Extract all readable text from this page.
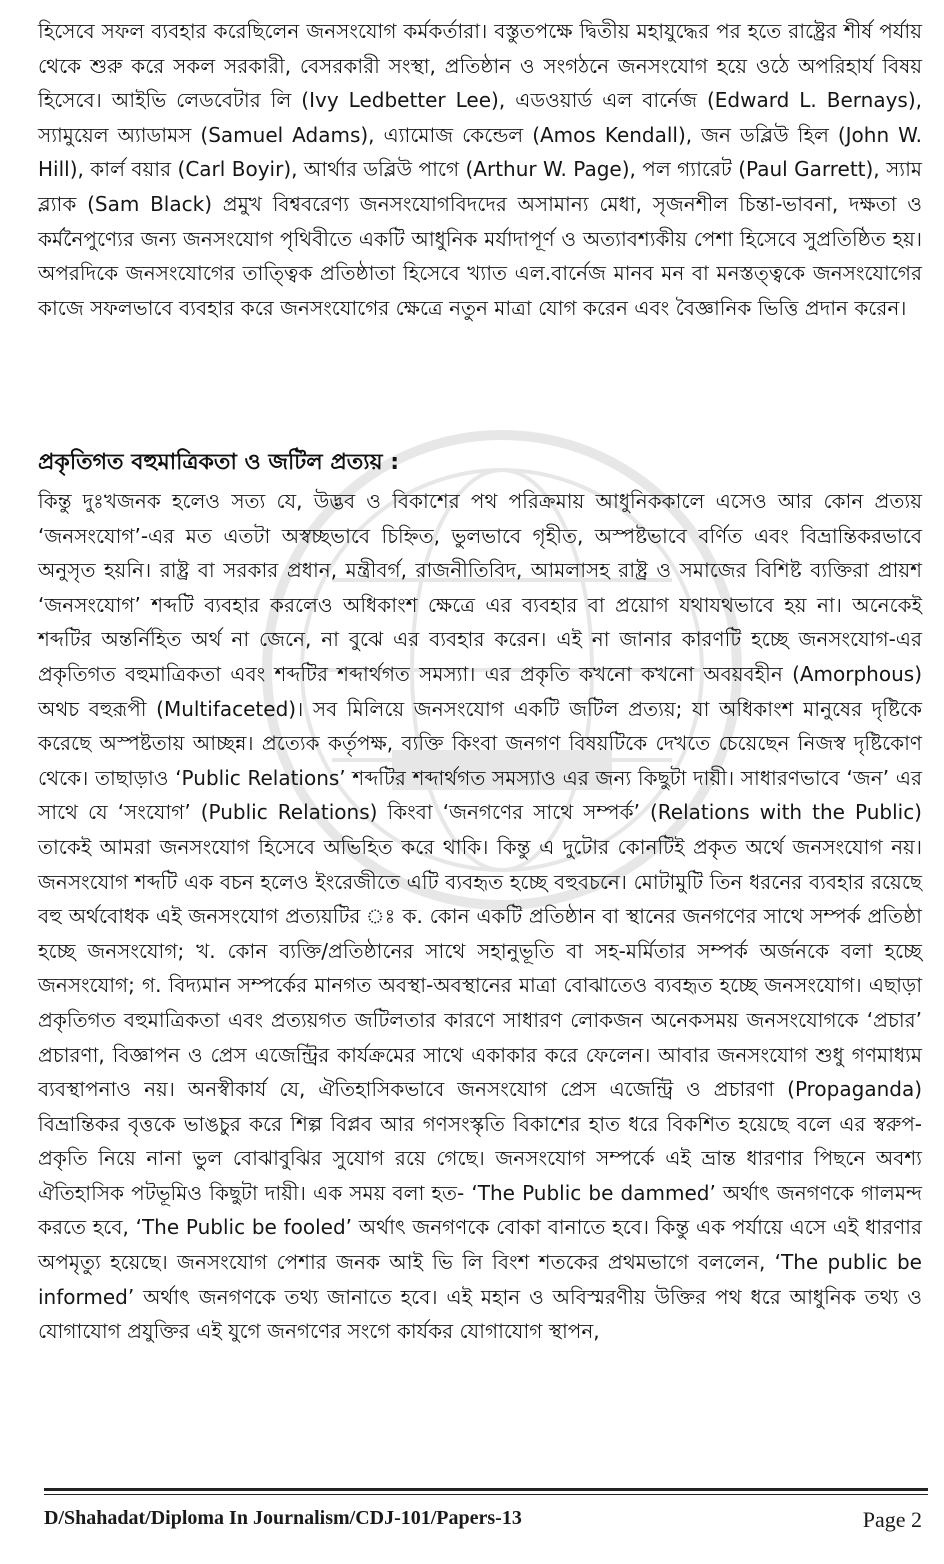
হিসেবে সফল ব্যবহার করেছিলেন জনসংযোগ কর্মকর্তারা। বস্তুতপক্ষে দ্বিতীয় মহাযুদ্ধের পর হতে রাষ্ট্রের শীর্ষ পর্যায় থেকে শুরু করে সকল সরকারী, বেসরকারী সংস্থা, প্রতিষ্ঠান ও সংগঠনে জনসংযোগ হয়ে ওঠে অপরিহার্য বিষয় হিসেবে। আইভি লেডবেটার লি (Ivy Ledbetter Lee), এডওয়ার্ড এল বার্নেজ (Edward L. Bernays), স্যামুয়েল অ্যাডামস (Samuel Adams), এ্যামোজ কেন্ডেল (Amos Kendall), জন ডব্লিউ হিল (John W. Hill), কার্ল বয়ার (Carl Boyir), আর্থার ডব্লিউ পাগে (Arthur W. Page), পল গ্যারেট (Paul Garrett), স্যাম ব্ল্যাক (Sam Black) প্রমুখ বিশ্ববরেণ্য জনসংযোগবিদদের অসামান্য মেধা, সৃজনশীল চিন্তা-ভাবনা, দক্ষতা ও কর্মনৈপুণ্যের জন্য জনসংযোগ পৃথিবীতে একটি আধুনিক মর্যাদাপূর্ণ ও অত্যাবশ্যকীয় পেশা হিসেবে সুপ্রতিষ্ঠিত হয়। অপরদিকে জনসংযোগের তাত্ত্বিক প্রতিষ্ঠাতা হিসেবে খ্যাত এল.বার্নেজ মানব মন বা মনস্তত্ত্বকে জনসংযোগের কাজে সফলভাবে ব্যবহার করে জনসংযোগের ক্ষেত্রে নতুন মাত্রা যোগ করেন এবং বৈজ্ঞানিক ভিত্তি প্রদান করেন।

প্রকৃতিগত বহুমাত্রিকতা ও জটিল প্রত্যয় :

কিন্তু দুঃখজনক হলেও সত্য যে, উদ্ভব ও বিকাশের পথ পরিক্রমায় আধুনিককালে এসেও আর কোন প্রত্যয় ‘জনসংযোগ’-এর মত এতটা অস্বচ্ছভাবে চিহ্নিত, ভুলভাবে গৃহীত, অস্পষ্টভাবে বর্ণিত এবং বিভ্রান্তিকরভাবে অনুসৃত হয়নি। রাষ্ট্র বা সরকার প্রধান, মন্ত্রীবর্গ, রাজনীতিবিদ, আমলাসহ রাষ্ট্র ও সমাজের বিশিষ্ট ব্যক্তিরা প্রায়শ ‘জনসংযোগ’ শব্দটি ব্যবহার করলেও অধিকাংশ ক্ষেত্রে এর ব্যবহার বা প্রয়োগ যথাযথভাবে হয় না। অনেকেই শব্দটির অন্তর্নিহিত অর্থ না জেনে, না বুঝে এর ব্যবহার করেন। এই না জানার কারণটি হচ্ছে জনসংযোগ-এর প্রকৃতিগত বহুমাত্রিকতা এবং শব্দটির শব্দার্থগত সমস্যা। এর প্রকৃতি কখনো কখনো অবয়বহীন (Amorphous) অথচ বহুরূপী (Multifaceted)। সব মিলিয়ে জনসংযোগ একটি জটিল প্রত্যয়; যা অধিকাংশ মানুষের দৃষ্টিকে করেছে অস্পষ্টতায় আচ্ছন্ন। প্রত্যেক কর্তৃপক্ষ, ব্যক্তি কিংবা জনগণ বিষয়টিকে দেখতে চেয়েছেন নিজস্ব দৃষ্টিকোণ থেকে। তাছাড়াও ‘Public Relations’ শব্দটির শব্দার্থগত সমস্যাও এর জন্য কিছুটা দায়ী। সাধারণভাবে ‘জন’ এর সাথে যে ‘সংযোগ’ (Public Relations) কিংবা ‘জনগণের সাথে সম্পর্ক’ (Relations with the Public) তাকেই আমরা জনসংযোগ হিসেবে অভিহিত করে থাকি। কিন্তু এ দুটোর কোনটিই প্রকৃত অর্থে জনসংযোগ নয়। জনসংযোগ শব্দটি এক বচন হলেও ইংরেজীতে এটি ব্যবহৃত হচ্ছে বহুবচনে। মোটামুটি তিন ধরনের ব্যবহার রয়েছে বহু অর্থবোধক এই জনসংযোগ প্রত্যয়টির ঃ ক. কোন একটি প্রতিষ্ঠান বা স্থানের জনগণের সাথে সম্পর্ক প্রতিষ্ঠা হচ্ছে জনসংযোগ; খ. কোন ব্যক্তি/প্রতিষ্ঠানের সাথে সহানুভূতি বা সহ-মর্মিতার সম্পর্ক অর্জনকে বলা হচ্ছে জনসংযোগ; গ. বিদ্যমান সম্পর্কের মানগত অবস্থা-অবস্থানের মাত্রা বোঝাতেও ব্যবহৃত হচ্ছে জনসংযোগ। এছাড়া প্রকৃতিগত বহুমাত্রিকতা এবং প্রত্যয়গত জটিলতার কারণে সাধারণ লোকজন অনেকসময় জনসংযোগকে ‘প্রচার’ প্রচারণা, বিজ্ঞাপন ও প্রেস এজেন্ট্রির কার্যক্রমের সাথে একাকার করে ফেলেন। আবার জনসংযোগ শুধু গণমাধ্যম ব্যবস্থাপনাও নয়। অনস্বীকার্য যে, ঐতিহাসিকভাবে জনসংযোগ প্রেস এজেন্ট্রি ও প্রচারণা (Propaganda) বিভ্রান্তিকর বৃত্তকে ভাঙচুর করে শিল্প বিপ্লব আর গণসংস্কৃতি বিকাশের হাত ধরে বিকশিত হয়েছে বলে এর স্বরুপ-প্রকৃতি নিয়ে নানা ভুল বোঝাবুঝির সুযোগ রয়ে গেছে। জনসংযোগ সম্পর্কে এই ভ্রান্ত ধারণার পিছনে অবশ্য ঐতিহাসিক পটভূমিও কিছুটা দায়ী। এক সময় বলা হত- ‘The Public be dammed’ অর্থাৎ জনগণকে গালমন্দ করতে হবে, ‘The Public be fooled’ অর্থাৎ জনগণকে বোকা বানাতে হবে। কিন্তু এক পর্যায়ে এসে এই ধারণার অপমৃত্যু হয়েছে। জনসংযোগ পেশার জনক আই ভি লি বিংশ শতকের প্রথমভাগে বললেন, ‘The public be informed’ অর্থাৎ জনগণকে তথ্য জানাতে হবে। এই মহান ও অবিস্মরণীয় উক্তির পথ ধরে আধুনিক তথ্য ও যোগাযোগ প্রযুক্তির এই যুগে জনগণের সংগে কার্যকর যোগাযোগ স্থাপন,

D/Shahadat/Diploma In Journalism/CDJ-101/Papers-13	Page 2
